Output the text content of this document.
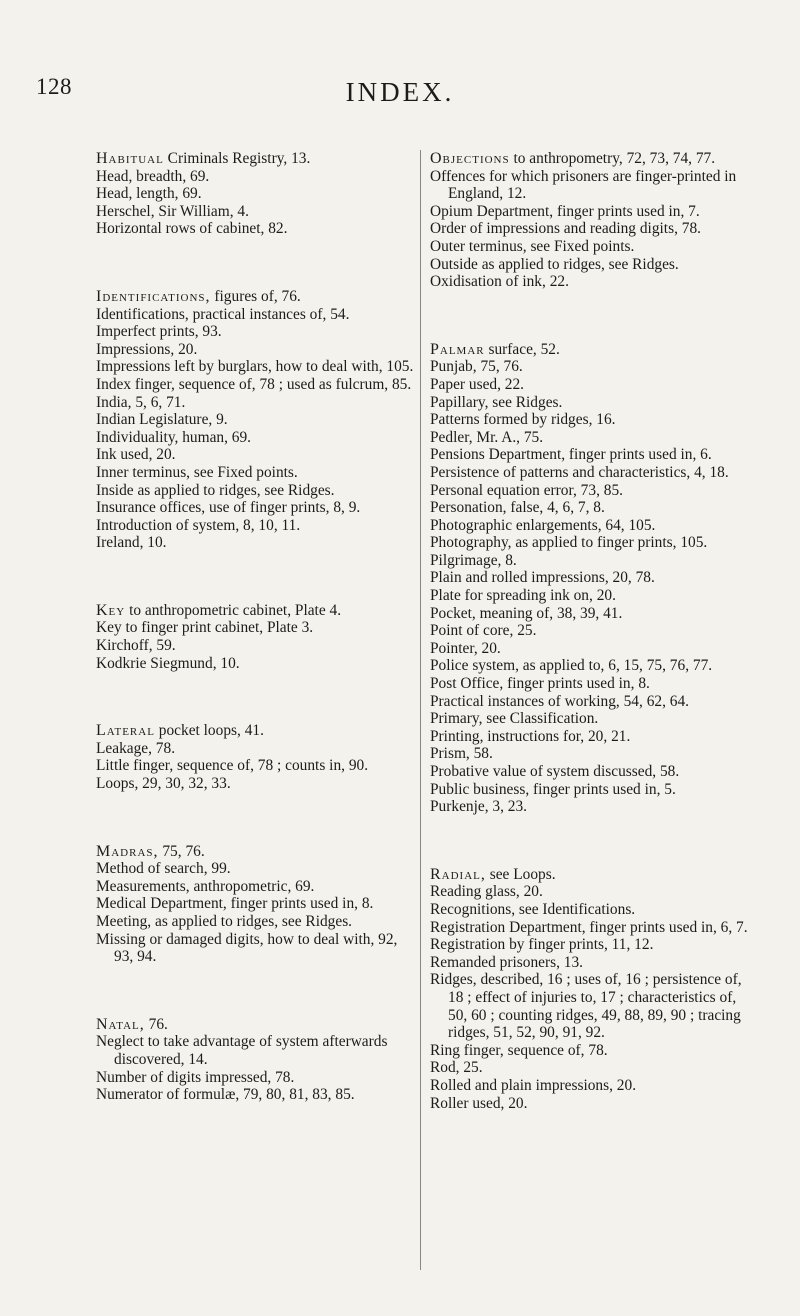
128	INDEX.

Habitual Criminals Registry, 13.

Head, breadth, 69.

Head, length, 69.

Herschel, Sir William, 4.

Horizontal rows of cabinet, 82.

Identifications, figures of, 76.

Identifications, practical instances of, 54.

Imperfect prints, 93.

Impressions, 20.

Impressions left by burglars, how to deal with, 105.

Index finger, sequence of, 78 ; used as fulcrum, 85.

India, 5, 6, 71.

Indian Legislature, 9.

Individuality, human, 69.

Ink used, 20.

Inner terminus, see Fixed points.

Inside as applied to ridges, see Ridges.

Insurance offices, use of finger prints, 8, 9.

Introduction of system, 8, 10, 11.

Ireland, 10.

Key to anthropometric cabinet, Plate 4.

Key to finger print cabinet, Plate 3.

Kirchoff, 59.

Kodkrie Siegmund, 10.

Lateral pocket loops, 41.

Leakage, 78.

Little finger, sequence of, 78 ; counts in, 90.

Loops, 29, 30, 32, 33.

Madras, 75, 76.

Method of search, 99.

Measurements, anthropometric, 69.

Medical Department, finger prints used in, 8.

Meeting, as applied to ridges, see Ridges.

Missing or damaged digits, how to deal with, 92, 93, 94.

Natal, 76.

Neglect to take advantage of system afterwards discovered, 14.

Number of digits impressed, 78.

Numerator of formulæ, 79, 80, 81, 83, 85.

Objections to anthropometry, 72, 73, 74, 77.

Offences for which prisoners are finger-printed in England, 12.

Opium Department, finger prints used in, 7.

Order of impressions and reading digits, 78.

Outer terminus, see Fixed points.

Outside as applied to ridges, see Ridges.

Oxidisation of ink, 22.

Palmar surface, 52.

Punjab, 75, 76.

Paper used, 22.

Papillary, see Ridges.

Patterns formed by ridges, 16.

Pedler, Mr. A., 75.

Pensions Department, finger prints used in, 6.

Persistence of patterns and characteristics, 4, 18.

Personal equation error, 73, 85.

Personation, false, 4, 6, 7, 8.

Photographic enlargements, 64, 105.

Photography, as applied to finger prints, 105.

Pilgrimage, 8.

Plain and rolled impressions, 20, 78.

Plate for spreading ink on, 20.

Pocket, meaning of, 38, 39, 41.

Point of core, 25.

Pointer, 20.

Police system, as applied to, 6, 15, 75, 76, 77.

Post Office, finger prints used in, 8.

Practical instances of working, 54, 62, 64.

Primary, see Classification.

Printing, instructions for, 20, 21.

Prism, 58.

Probative value of system discussed, 58.

Public business, finger prints used in, 5.

Purkenje, 3, 23.

Radial, see Loops.

Reading glass, 20.

Recognitions, see Identifications.

Registration Department, finger prints used in, 6, 7.

Registration by finger prints, 11, 12.

Remanded prisoners, 13.

Ridges, described, 16 ; uses of, 16 ; persistence of, 18 ; effect of injuries to, 17 ; characteristics of, 50, 60 ; counting ridges, 49, 88, 89, 90 ; tracing ridges, 51, 52, 90, 91, 92.

Ring finger, sequence of, 78.

Rod, 25.

Rolled and plain impressions, 20.

Roller used, 20.
